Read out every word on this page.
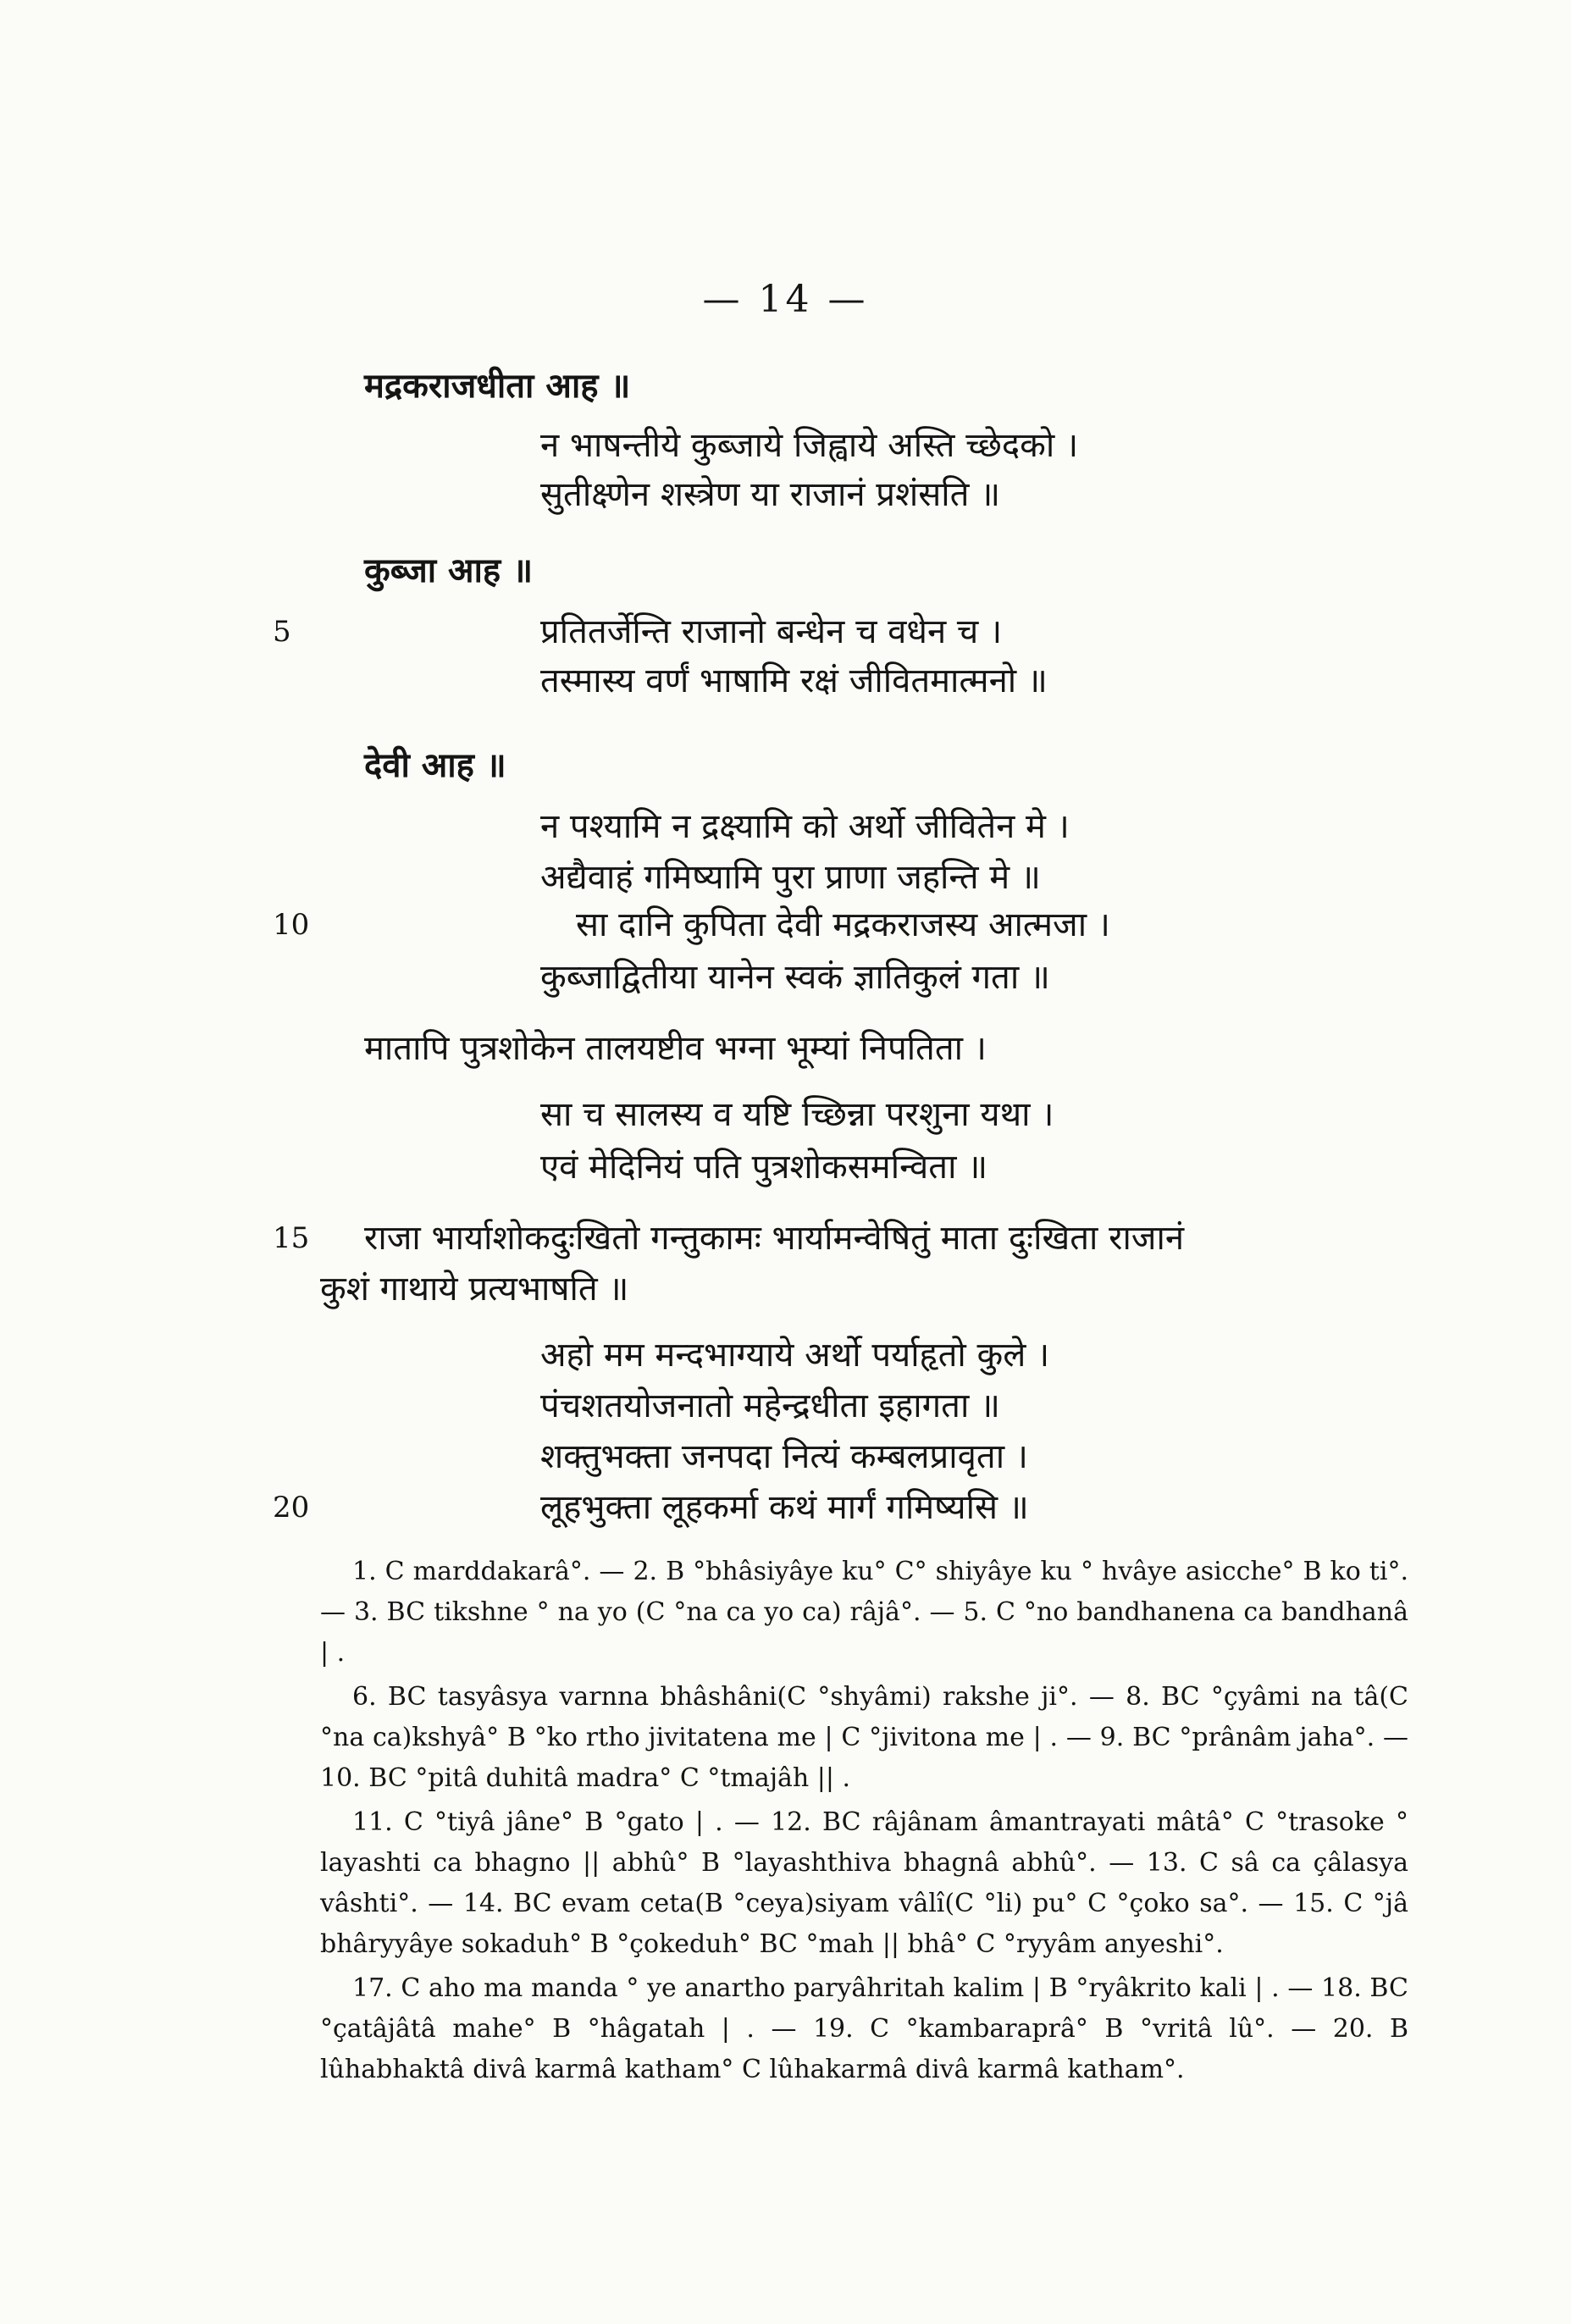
— 14 —
मद्रकराजधीता आह ॥
न भाषन्तीये कुब्जाये जिह्वाये अस्ति च्छेदको ।
सुतीक्ष्णेन शस्त्रेण या राजानं प्रशंसति ॥
कुब्जा आह ॥
प्रतितर्जेन्ति राजानो बन्धेन च वधेन च ।
तस्मास्य वर्णं भाषामि रक्षं जीवितमात्मनो ॥
देवी आह ॥
न पश्यामि न द्रक्ष्यामि को अर्थो जीवितेन मे ।
अद्यैवाहं गमिष्यामि पुरा प्राणा जहन्ति मे ॥
सा दानि कुपिता देवी मद्रकराजस्य आत्मजा ।
कुब्जाद्वितीया यानेन स्वकं ज्ञातिकुलं गता ॥
मातापि पुत्रशोकेन तालयष्टीव भग्ना भूम्यां निपतिता ।
सा च सालस्य व यष्टि च्छिन्ना परशुना यथा ।
एवं मेदिनियं पति पुत्रशोकसमन्विता ॥
राजा भार्याशोकदुःखितो गन्तुकामः भार्यामन्वेषितुं माता दुःखिता राजानं
कुशं गाथाये प्रत्यभाषति ॥
अहो मम मन्दभाग्याये अर्थो पर्याहृतो कुले ।
पंचशतयोजनातो महेन्द्रधीता इहागता ॥
शक्तुभक्ता जनपदा नित्यं कम्बलप्रावृता ।
लूहभुक्ता लूहकर्मा कथं मार्गं गमिष्यसि ॥
5
10
15
20

1. C marddakarâ°. — 2. B °bhâsiyâye ku° C° shiyâye ku ° hvâye asicche° B ko ti°. — 3. BC tikshne ° na yo (C °na ca yo ca) râjâ°. — 5. C °no bandhanena ca bandhanâ | .

6. BC tasyâsya varnna bhâshâni(C °shyâmi) rakshe ji°. — 8. BC °çyâmi na tâ(C °na ca)kshyâ° B °ko rtho jivitatena me | C °jivitona me | . — 9. BC °prânâm jaha°. — 10. BC °pitâ duhitâ madra° C °tmajâh || .

11. C °tiyâ jâne° B °gato | . — 12. BC râjânam âmantrayati mâtâ° C °trasoke ° layashti ca bhagno || abhû° B °layashthiva bhagnâ abhû°. — 13. C sâ ca çâlasya vâshti°. — 14. BC evam ceta(B °ceya)siyam vâlî(C °li) pu° C °çoko sa°. — 15. C °jâ bhâryyâye sokaduh° B °çokeduh° BC °mah || bhâ° C °ryyâm anyeshi°.

17. C aho ma manda ° ye anartho paryâhritah kalim | B °ryâkrito kali | . — 18. BC °çatâjâtâ mahe° B °hâgatah | . — 19. C °kambaraprâ° B °vritâ lû°. — 20. B lûhabhaktâ divâ karmâ katham° C lûhakarmâ divâ karmâ katham°.
